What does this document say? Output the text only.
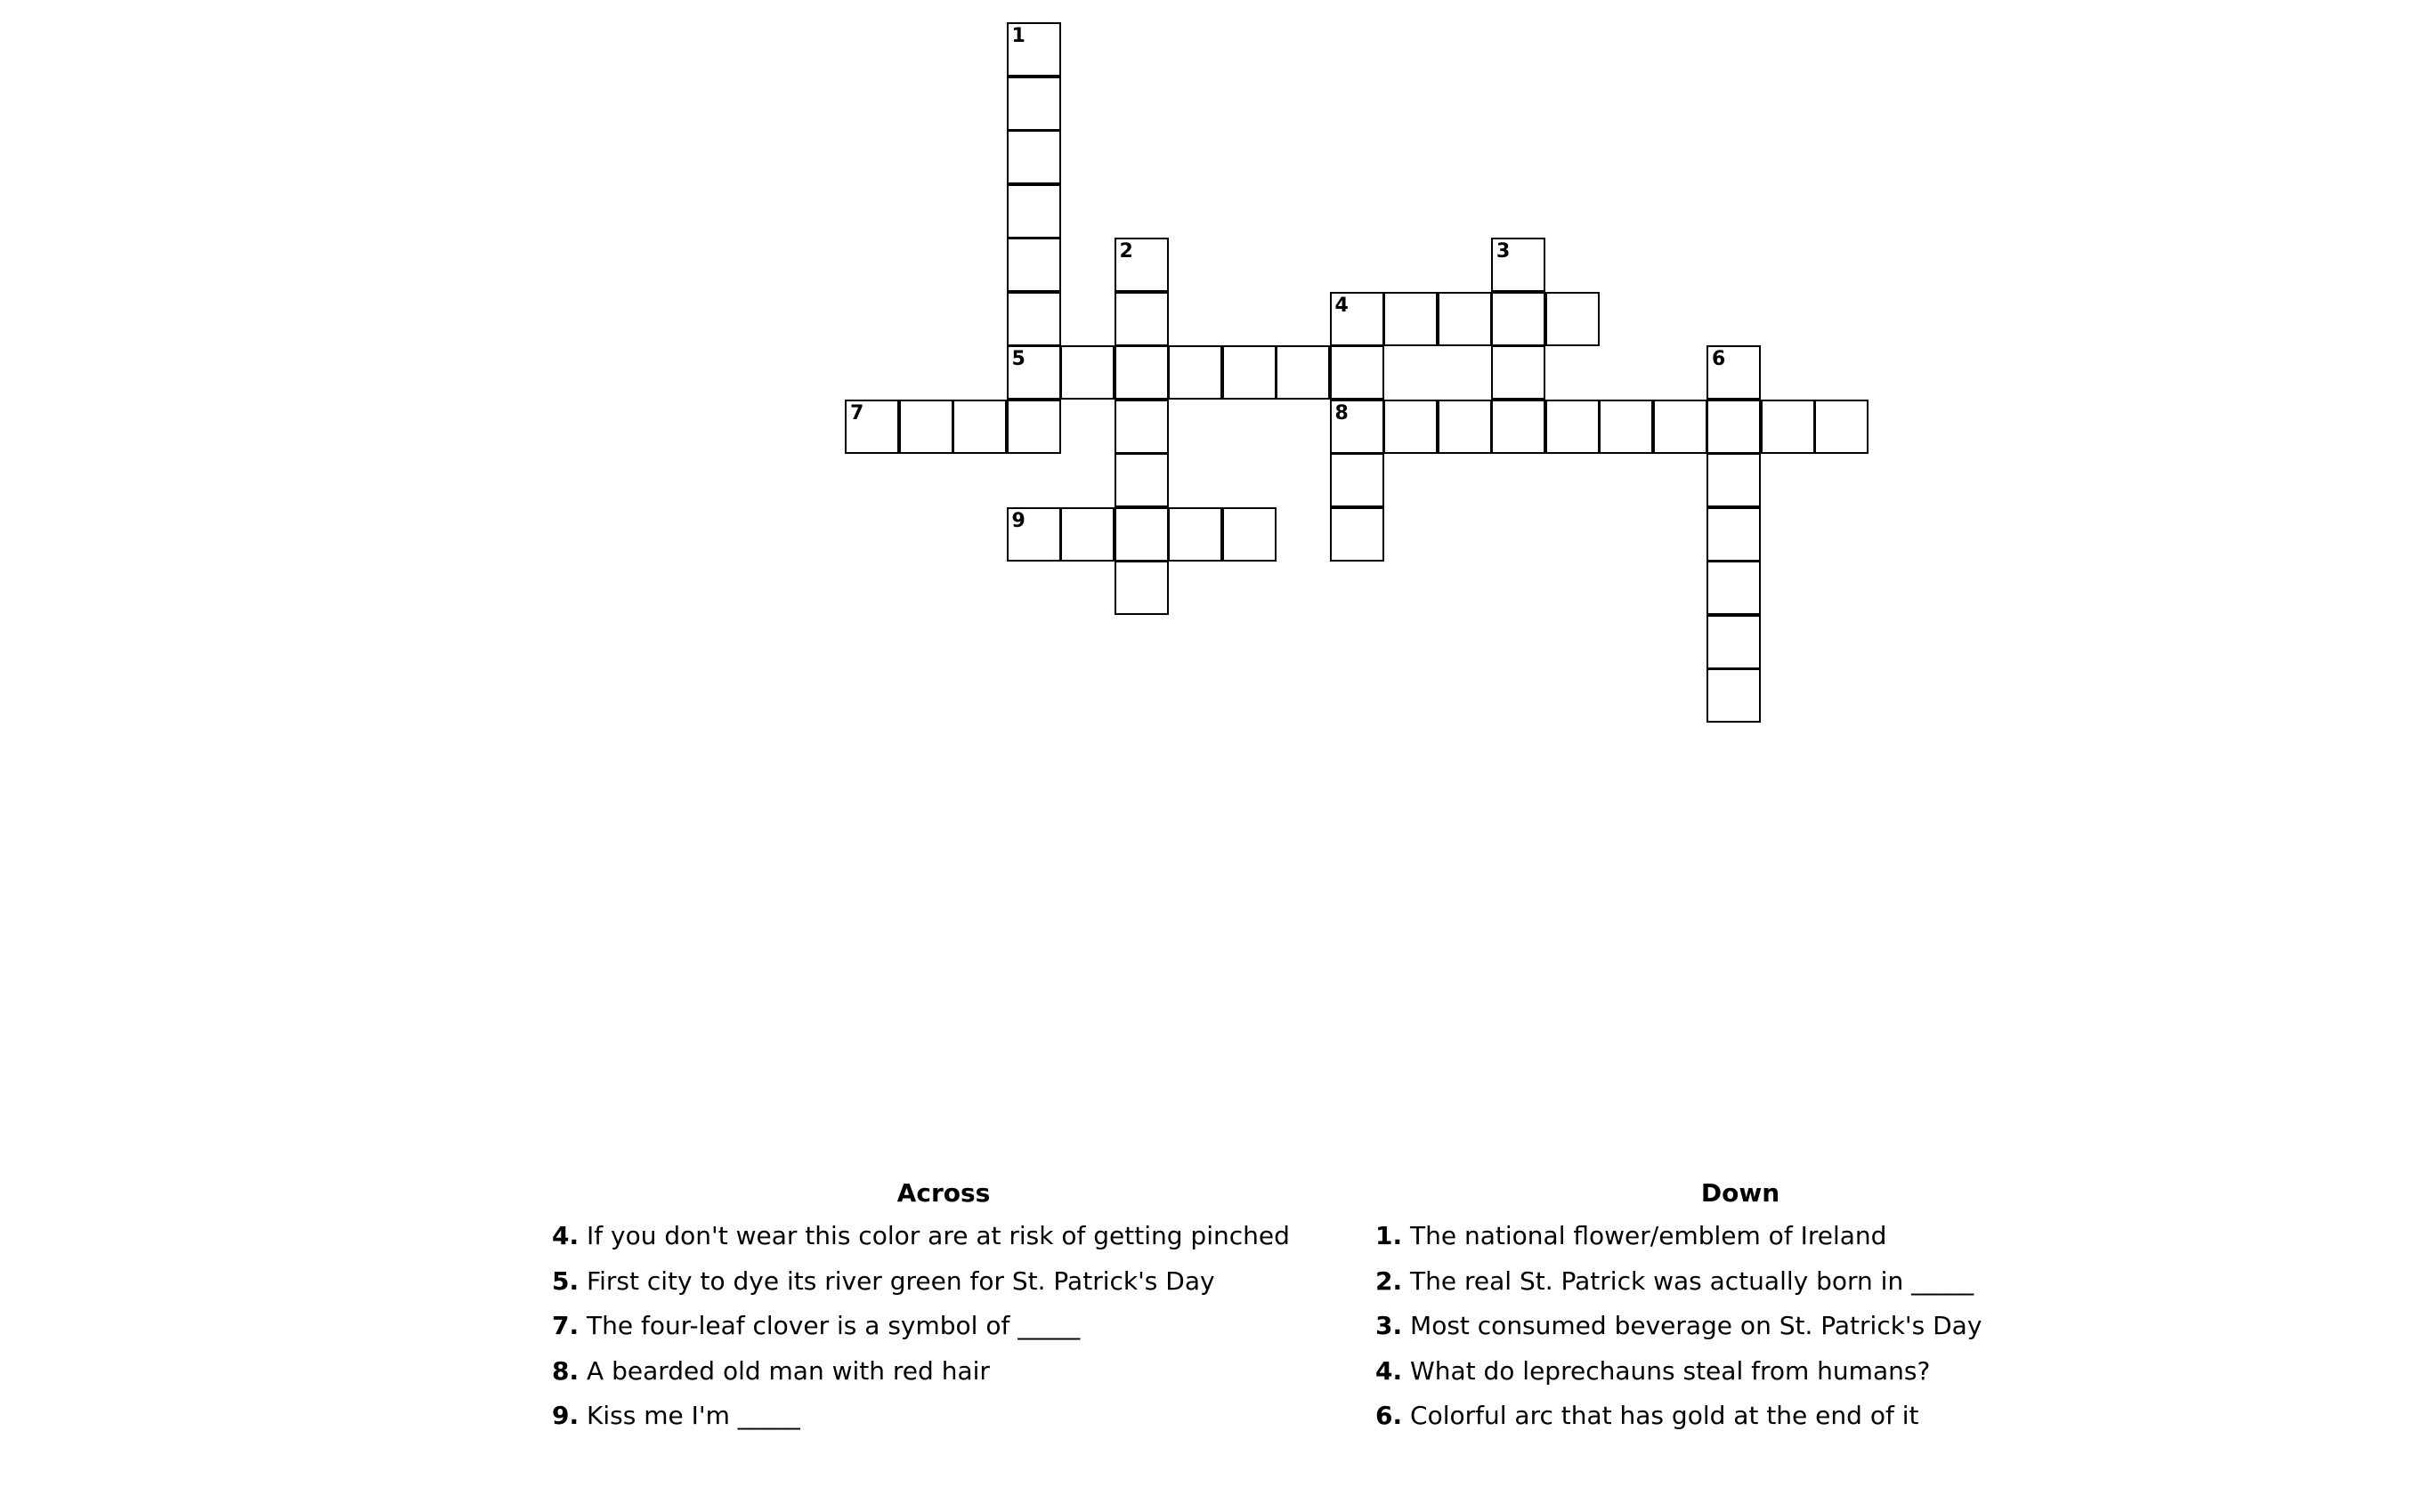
1
5
2	3
4
8
6
7
9
Across
4. If you don't wear this color are at risk of getting pinched
5. First city to dye its river green for St. Patrick's Day
7. The four-leaf clover is a symbol of _____
8. A bearded old man with red hair
9. Kiss me I'm _____
Down
1. The national flower/emblem of Ireland
2. The real St. Patrick was actually born in _____
3. Most consumed beverage on St. Patrick's Day
4. What do leprechauns steal from humans?
6. Colorful arc that has gold at the end of it
